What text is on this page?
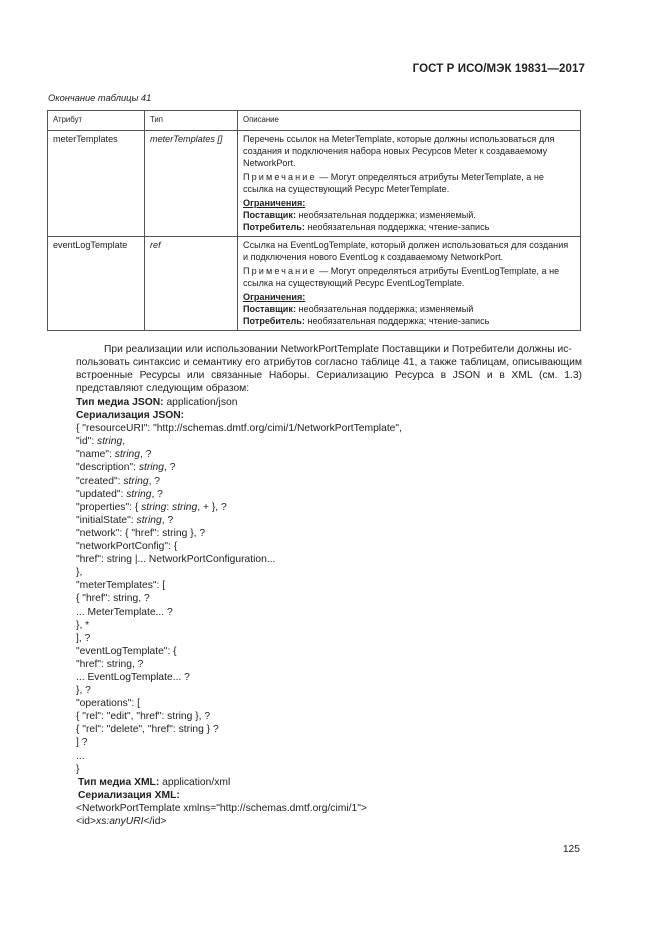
ГОСТ Р ИСО/МЭК 19831—2017
Окончание таблицы 41
Атрибут	Тип	Описание
meterTemplates	meterTemplates []	Перечень ссылок на MeterTemplate, которые должны использоваться для создания и подключения набора новых Ресурсов Meter к создаваемому NetworkPort.
Примечание — Могут определяться атрибуты MeterTemplate, а не ссылка на существующий Ресурс MeterTemplate.
Ограничения:
Поставщик: необязательная поддержка; изменяемый.
Потребитель: необязательная поддержка; чтение-запись

eventLogTemplate	ref	Ссылка на EventLogTemplate, который должен использоваться для создания и подключения нового EventLog к создаваемому NetworkPort.
Примечание — Могут определяться атрибуты EventLogTemplate, а не ссылка на существующий Ресурс EventLogTemplate.
Ограничения:
Поставщик: необязательная поддержка; изменяемый
Потребитель: необязательная поддержка; чтение-запись

При реализации или использовании NetworkPortTemplate Поставщики и Потребители должны ис-

пользовать синтаксис и семантику его атрибутов согласно таблице 41, а также таблицам, описывающим встроенные Ресурсы или связанные Наборы. Сериализацию Ресурса в JSON и в XML (см. 1.3) представляют следующим образом:

Тип медиа JSON: application/json
Сериализация JSON:
{ "resourceURI": "http://schemas.dmtf.org/cimi/1/NetworkPortTemplate",
"id": string,
"name": string, ?
"description": string, ?
"created": string, ?
"updated": string, ?
"properties": { string: string, + }, ?
"initialState": string, ?
"network": { "href": string }, ?
"networkPortConfig": {
"href": string |... NetworkPortConfiguration...
},
"meterTemplates": [
{ "href": string, ?
... MeterTemplate... ?
}, *
], ?
"eventLogTemplate": {
"href": string, ?
... EventLogTemplate... ?
}, ?
"operations": [
{ "rel": "edit", "href": string }, ?
{ "rel": "delete", "href": string } ?
] ?
...
}
Тип медиа XML: application/xml
Сериализация XML:
<NetworkPortTemplate xmlns="http://schemas.dmtf.org/cimi/1">
<id>xs:anyURI</id>
125
